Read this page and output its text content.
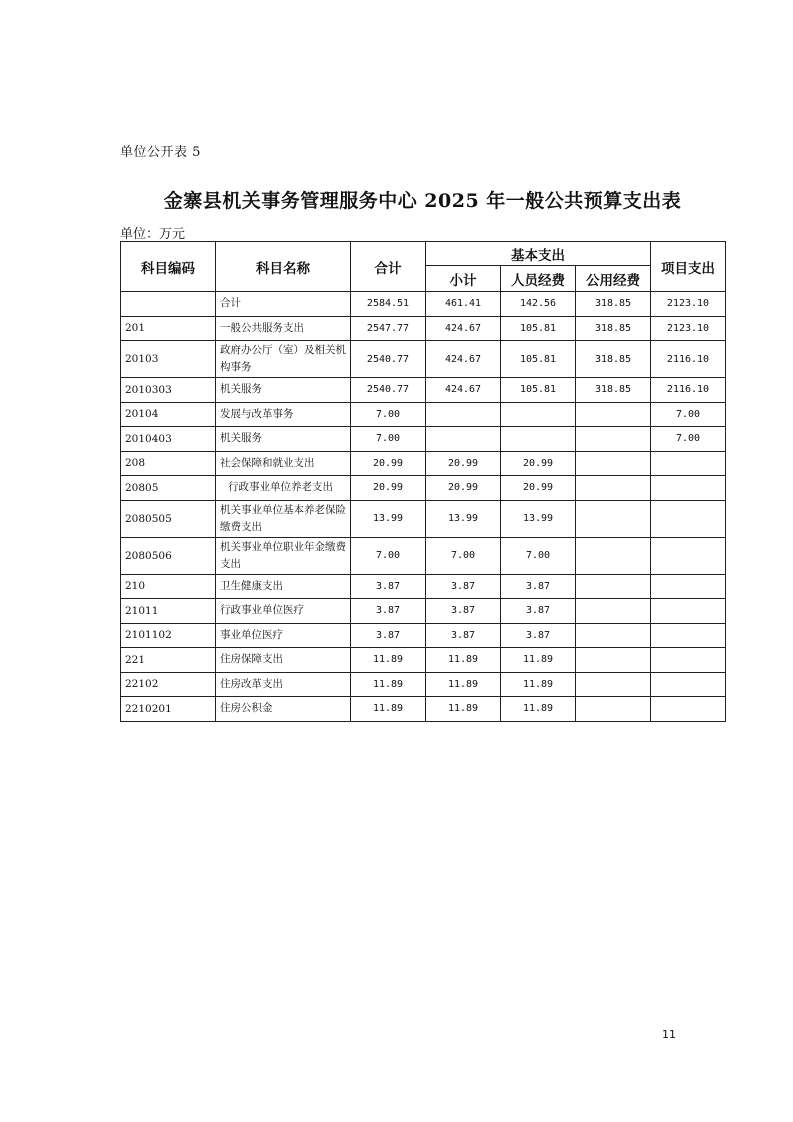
单位公开表 5
金寨县机关事务管理服务中心 2025 年一般公共预算支出表
单位：万元
科目编码	科目名称	合计	基本支出			项目支出
			小计	人员经费	公用经费	
	合计	2584.51	461.41	142.56	318.85	2123.10
201	一般公共服务支出	2547.77	424.67	105.81	318.85	2123.10
20103	政府办公厅（室）及相关机构事务	2540.77	424.67	105.81	318.85	2116.10
2010303	机关服务	2540.77	424.67	105.81	318.85	2116.10
20104	发展与改革事务	7.00				7.00
2010403	机关服务	7.00				7.00
208	社会保障和就业支出	20.99	20.99	20.99		
20805	行政事业单位养老支出	20.99	20.99	20.99		
2080505	机关事业单位基本养老保险缴费支出	13.99	13.99	13.99		
2080506	机关事业单位职业年金缴费支出	7.00	7.00	7.00		
210	卫生健康支出	3.87	3.87	3.87		
21011	行政事业单位医疗	3.87	3.87	3.87		
2101102	事业单位医疗	3.87	3.87	3.87		
221	住房保障支出	11.89	11.89	11.89		
22102	住房改革支出	11.89	11.89	11.89		
2210201	住房公积金	11.89	11.89	11.89		
11
